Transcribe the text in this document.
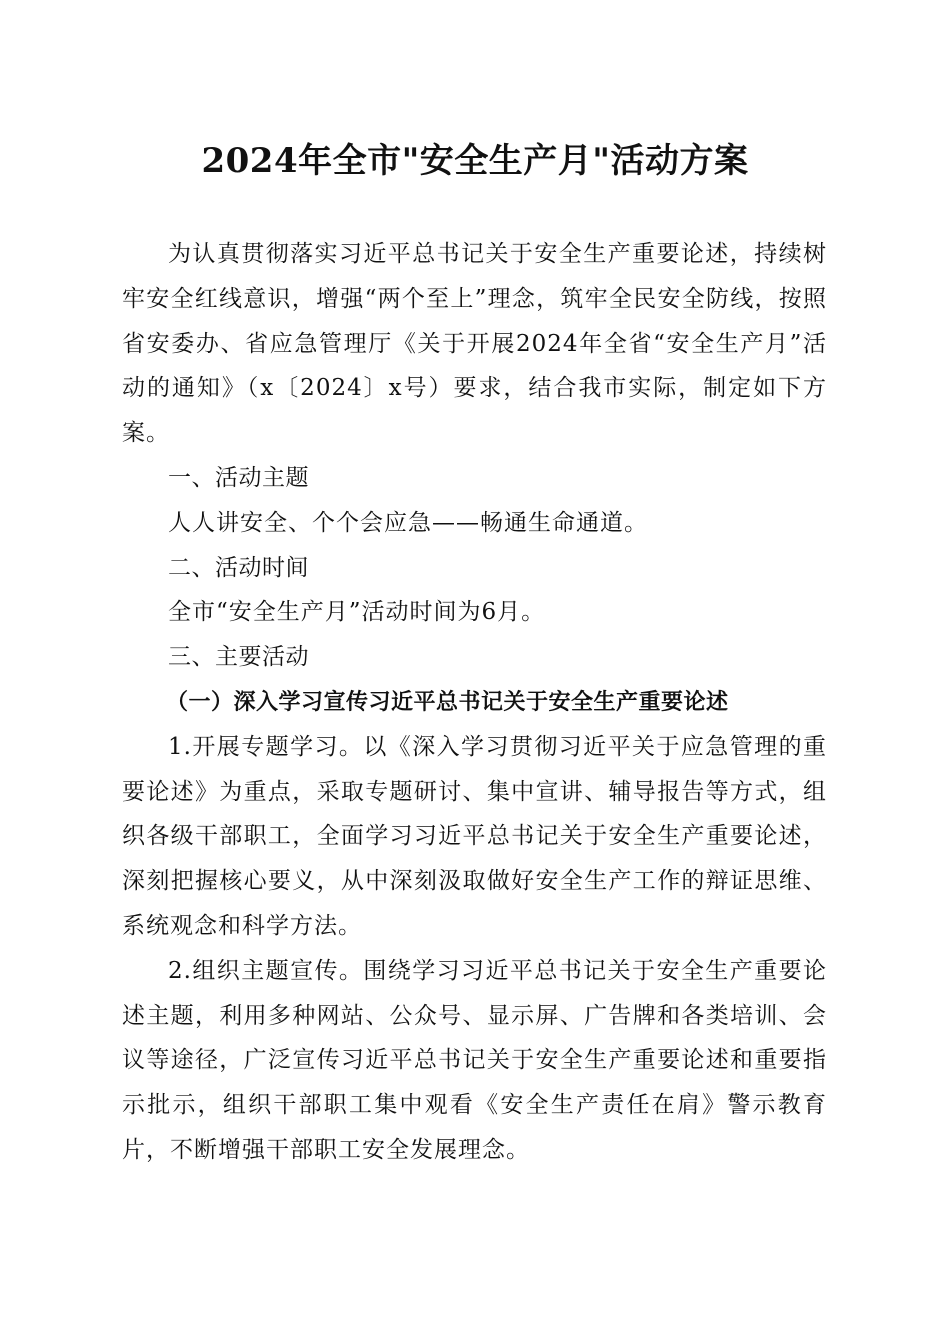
2024年全市"安全生产月"活动方案

为认真贯彻落实习近平总书记关于安全生产重要论述，持续树牢安全红线意识，增强“两个至上”理念，筑牢全民安全防线，按照省安委办、省应急管理厅《关于开展2024年全省“安全生产月”活动的通知》（x〔2024〕x号）要求，结合我市实际，制定如下方案。

一、活动主题

人人讲安全、个个会应急——畅通生命通道。

二、活动时间

全市“安全生产月”活动时间为6月。

三、主要活动

（一）深入学习宣传习近平总书记关于安全生产重要论述

1.开展专题学习。以《深入学习贯彻习近平关于应急管理的重要论述》为重点，采取专题研讨、集中宣讲、辅导报告等方式，组织各级干部职工，全面学习习近平总书记关于安全生产重要论述，深刻把握核心要义，从中深刻汲取做好安全生产工作的辩证思维、系统观念和科学方法。

2.组织主题宣传。围绕学习习近平总书记关于安全生产重要论述主题，利用多种网站、公众号、显示屏、广告牌和各类培训、会议等途径，广泛宣传习近平总书记关于安全生产重要论述和重要指示批示，组织干部职工集中观看《安全生产责任在肩》警示教育片，不断增强干部职工安全发展理念。
